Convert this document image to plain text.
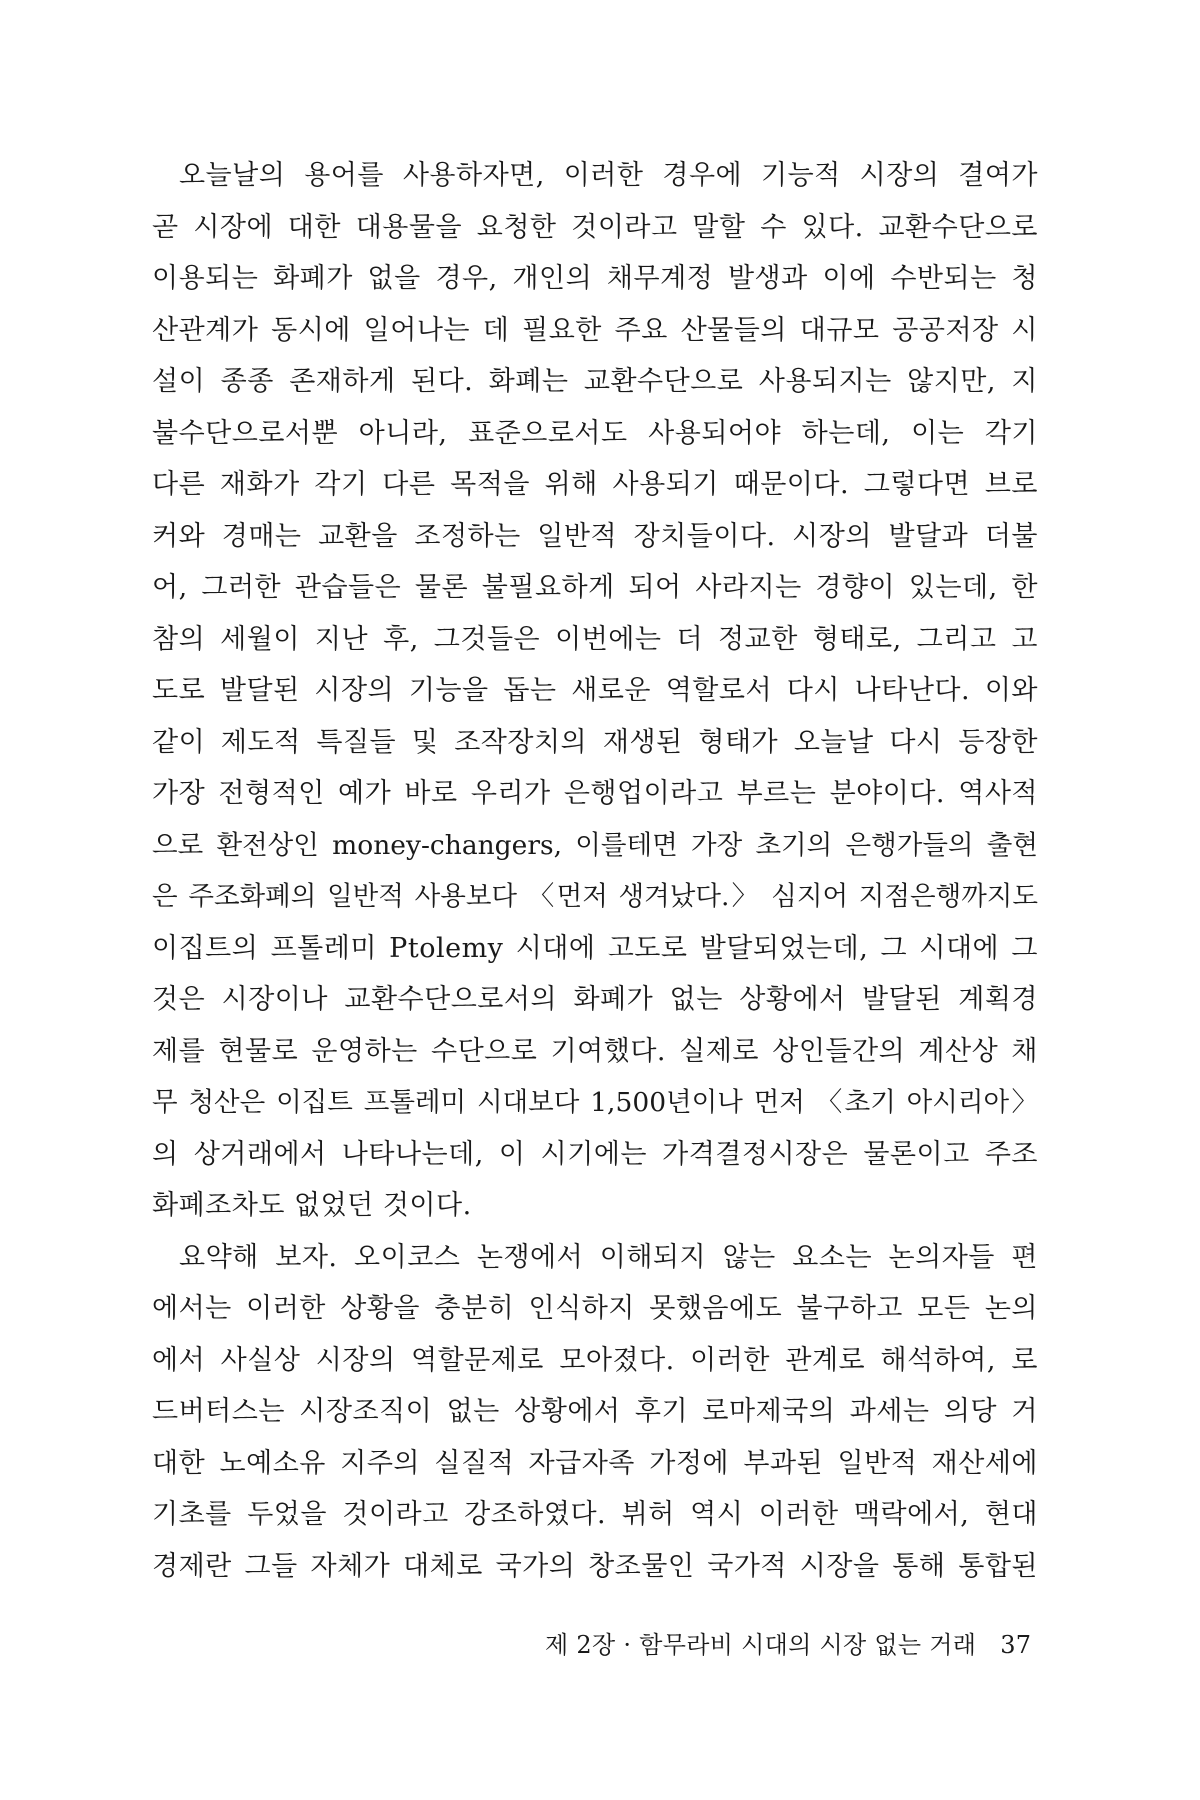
오늘날의 용어를 사용하자면, 이러한 경우에 기능적 시장의 결여가
곧 시장에 대한 대용물을 요청한 것이라고 말할 수 있다. 교환수단으로
이용되는 화폐가 없을 경우, 개인의 채무계정 발생과 이에 수반되는 청
산관계가 동시에 일어나는 데 필요한 주요 산물들의 대규모 공공저장 시
설이 종종 존재하게 된다. 화폐는 교환수단으로 사용되지는 않지만, 지
불수단으로서뿐 아니라, 표준으로서도 사용되어야 하는데, 이는 각기
다른 재화가 각기 다른 목적을 위해 사용되기 때문이다. 그렇다면 브로
커와 경매는 교환을 조정하는 일반적 장치들이다. 시장의 발달과 더불
어, 그러한 관습들은 물론 불필요하게 되어 사라지는 경향이 있는데, 한
참의 세월이 지난 후, 그것들은 이번에는 더 정교한 형태로, 그리고 고
도로 발달된 시장의 기능을 돕는 새로운 역할로서 다시 나타난다. 이와
같이 제도적 특질들 및 조작장치의 재생된 형태가 오늘날 다시 등장한
가장 전형적인 예가 바로 우리가 은행업이라고 부르는 분야이다. 역사적
으로 환전상인 money-changers, 이를테면 가장 초기의 은행가들의 출현
은 주조화폐의 일반적 사용보다 〈먼저 생겨났다.〉 심지어 지점은행까지도
이집트의 프톨레미 Ptolemy 시대에 고도로 발달되었는데, 그 시대에 그
것은 시장이나 교환수단으로서의 화폐가 없는 상황에서 발달된 계획경
제를 현물로 운영하는 수단으로 기여했다. 실제로 상인들간의 계산상 채
무 청산은 이집트 프톨레미 시대보다 1,500년이나 먼저 〈초기 아시리아〉
의 상거래에서 나타나는데, 이 시기에는 가격결정시장은 물론이고 주조
화폐조차도 없었던 것이다.
요약해 보자. 오이코스 논쟁에서 이해되지 않는 요소는 논의자들 편
에서는 이러한 상황을 충분히 인식하지 못했음에도 불구하고 모든 논의
에서 사실상 시장의 역할문제로 모아졌다. 이러한 관계로 해석하여, 로
드버터스는 시장조직이 없는 상황에서 후기 로마제국의 과세는 의당 거
대한 노예소유 지주의 실질적 자급자족 가정에 부과된 일반적 재산세에
기초를 두었을 것이라고 강조하였다. 뷔허 역시 이러한 맥락에서, 현대
경제란 그들 자체가 대체로 국가의 창조물인 국가적 시장을 통해 통합된
제 2장 · 함무라비 시대의 시장 없는 거래 37
